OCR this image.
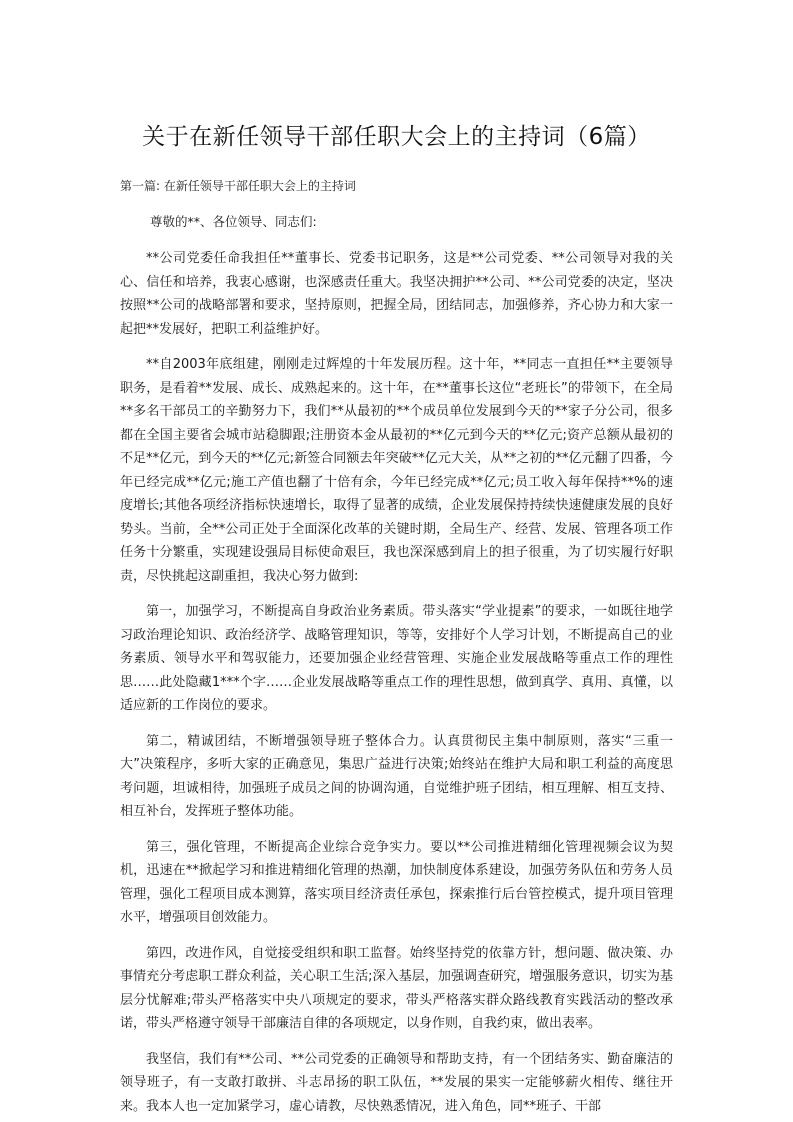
关于在新任领导干部任职大会上的主持词（6篇）
第一篇: 在新任领导干部任职大会上的主持词
尊敬的**、各位领导、同志们:

**公司党委任命我担任**董事长、党委书记职务，这是**公司党委、**公司领导对我的关心、信任和培养，我衷心感谢，也深感责任重大。我坚决拥护**公司、**公司党委的决定，坚决按照**公司的战略部署和要求，坚持原则，把握全局，团结同志，加强修养，齐心协力和大家一起把**发展好，把职工利益维护好。

**自2003年底组建，刚刚走过辉煌的十年发展历程。这十年，**同志一直担任**主要领导职务，是看着**发展、成长、成熟起来的。这十年，在**董事长这位“老班长”的带领下，在全局**多名干部员工的辛勤努力下，我们**从最初的**个成员单位发展到今天的**家子分公司，很多都在全国主要省会城市站稳脚跟;注册资本金从最初的**亿元到今天的**亿元;资产总额从最初的不足**亿元，到今天的**亿元;新签合同额去年突破**亿元大关，从**之初的**亿元翻了四番，今年已经完成**亿元;施工产值也翻了十倍有余，今年已经完成**亿元;员工收入每年保持**%的速度增长;其他各项经济指标快速增长，取得了显著的成绩，企业发展保持持续快速健康发展的良好势头。当前，全**公司正处于全面深化改革的关键时期，全局生产、经营、发展、管理各项工作任务十分繁重，实现建设强局目标使命艰巨，我也深深感到肩上的担子很重，为了切实履行好职责，尽快挑起这副重担，我决心努力做到:

第一，加强学习，不断提高自身政治业务素质。带头落实“学业提素”的要求，一如既往地学习政治理论知识、政治经济学、战略管理知识，等等，安排好个人学习计划，不断提高自己的业务素质、领导水平和驾驭能力，还要加强企业经营管理、实施企业发展战略等重点工作的理性思……此处隐藏1***个字……企业发展战略等重点工作的理性思想，做到真学、真用、真懂，以适应新的工作岗位的要求。

第二，精诚团结，不断增强领导班子整体合力。认真贯彻民主集中制原则，落实“三重一大”决策程序，多听大家的正确意见，集思广益进行决策;始终站在维护大局和职工利益的高度思考问题，坦诚相待，加强班子成员之间的协调沟通，自觉维护班子团结，相互理解、相互支持、相互补台，发挥班子整体功能。

第三，强化管理，不断提高企业综合竞争实力。要以**公司推进精细化管理视频会议为契机，迅速在**掀起学习和推进精细化管理的热潮，加快制度体系建设，加强劳务队伍和劳务人员管理，强化工程项目成本测算，落实项目经济责任承包，探索推行后台管控模式，提升项目管理水平，增强项目创效能力。

第四，改进作风，自觉接受组织和职工监督。始终坚持党的依靠方针，想问题、做决策、办事情充分考虑职工群众利益，关心职工生活;深入基层，加强调查研究，增强服务意识，切实为基层分忧解难;带头严格落实中央八项规定的要求，带头严格落实群众路线教育实践活动的整改承诺，带头严格遵守领导干部廉洁自律的各项规定，以身作则，自我约束，做出表率。

我坚信，我们有**公司、**公司党委的正确领导和帮助支持，有一个团结务实、勤奋廉洁的领导班子，有一支敢打敢拼、斗志昂扬的职工队伍，**发展的果实一定能够薪火相传、继往开来。我本人也一定加紧学习，虚心请教，尽快熟悉情况，进入角色，同**班子、干部
